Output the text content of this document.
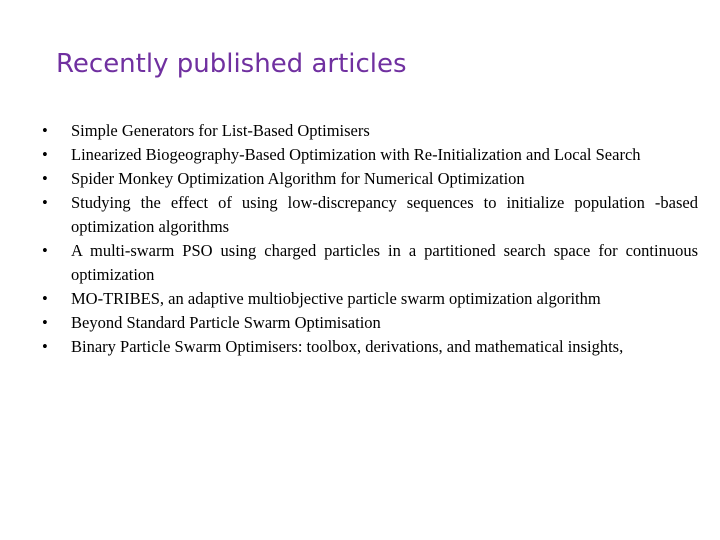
Recently published articles
•	Simple Generators for List-Based Optimisers
•	Linearized Biogeography-Based Optimization with Re-Initialization and Local Search
•	Spider Monkey Optimization Algorithm for Numerical Optimization
•	Studying the effect of using low-discrepancy sequences to initialize population -based optimization algorithms
•	A multi-swarm PSO using charged particles in a partitioned search space for continuous optimization
•	MO-TRIBES, an adaptive multiobjective particle swarm optimization algorithm
•	Beyond Standard Particle Swarm Optimisation
•	Binary Particle Swarm Optimisers: toolbox, derivations, and mathematical insights,
